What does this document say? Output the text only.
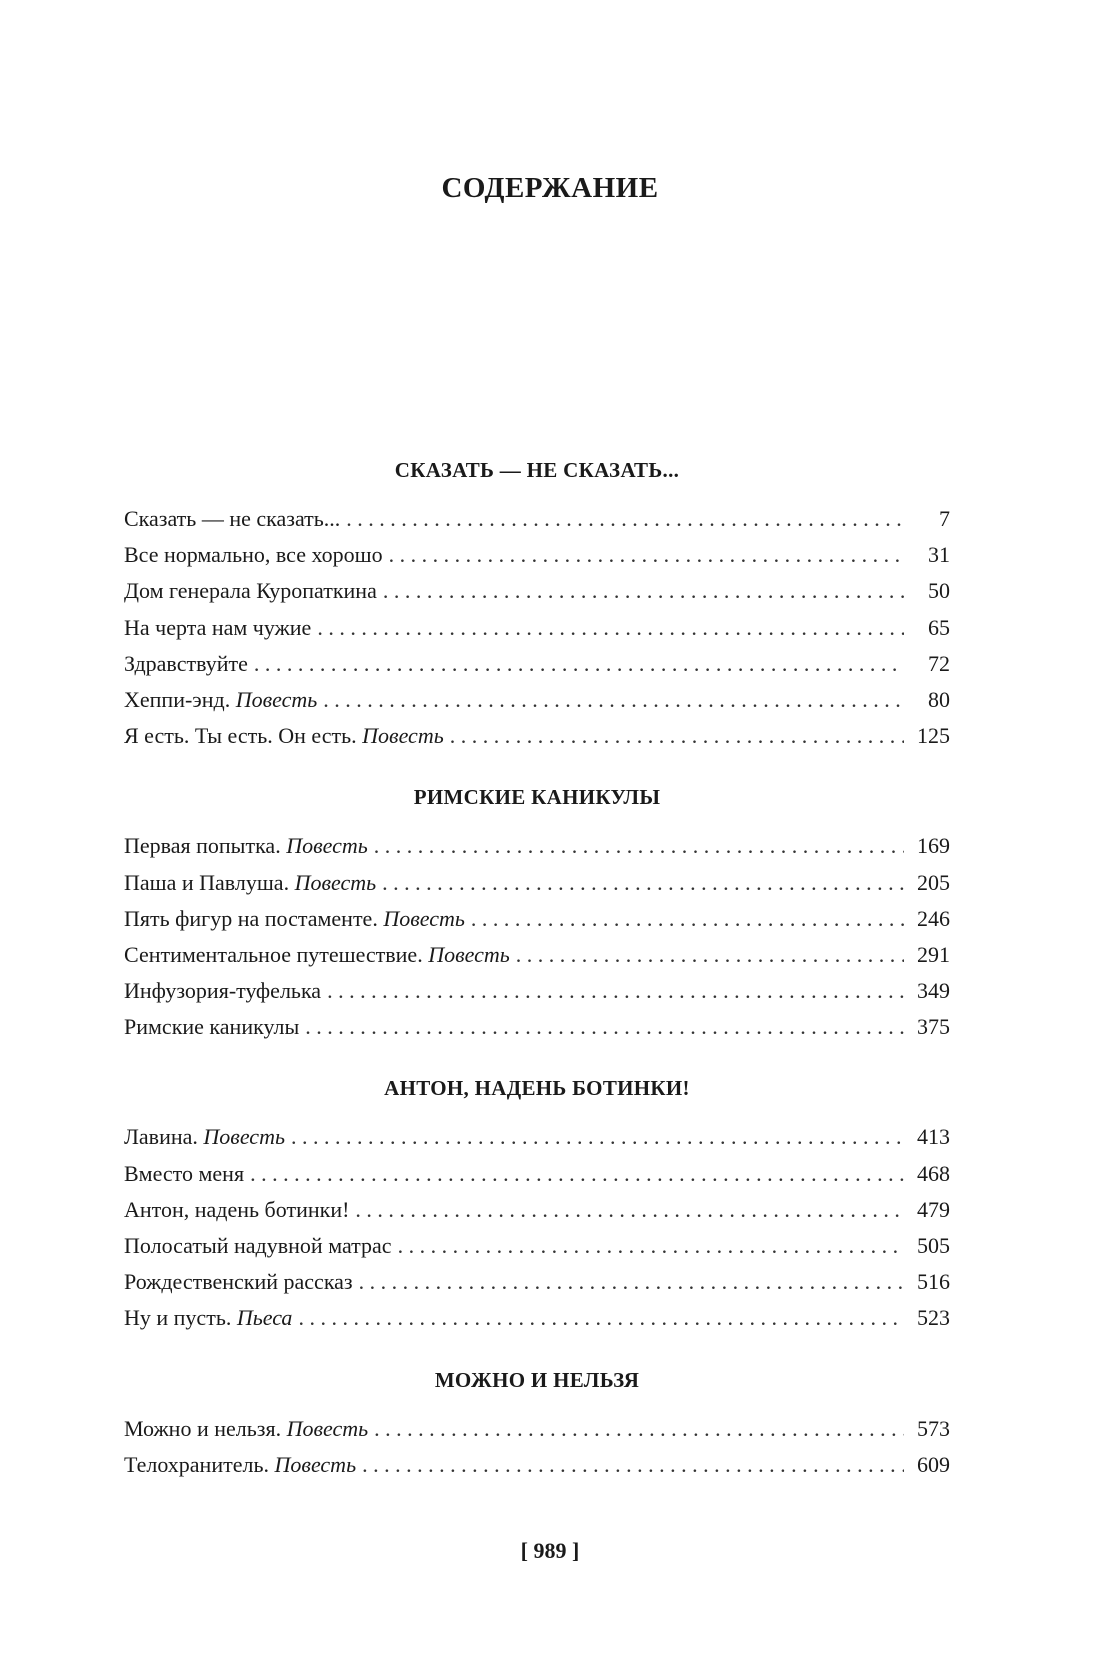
СОДЕРЖАНИЕ
СКАЗАТЬ — НЕ СКАЗАТЬ...
Сказать — не сказать... . . .	7
Все нормально, все хорошо . . .	31
Дом генерала Куропаткина . . .	50
На черта нам чужие . . .	65
Здравствуйте . . .	72
Хеппи-энд.
Повесть . . .	80
Я есть. Ты есть. Он есть.
Повесть . . .	125
РИМСКИЕ КАНИКУЛЫ
Первая попытка.
Повесть . . .	169
Паша и Павлуша.
Повесть . . .	205
Пять фигур на постаменте.
Повесть . . .	246
Сентиментальное путешествие.
Повесть . . .	291
Инфузория-туфелька . . .	349
Римские каникулы . . .	375
АНТОН, НАДЕНЬ БОТИНКИ!
Лавина.
Повесть . . .	413
Вместо меня . . .	468
Антон, надень ботинки! . . .	479
Полосатый надувной матрас . . .	505
Рождественский рассказ . . .	516
Ну и пусть.
Пьеса . . .	523
МОЖНО И НЕЛЬЗЯ
Можно и нельзя.
Повесть . . .	573
Телохранитель.
Повесть . . .	609
[ 989 ]
